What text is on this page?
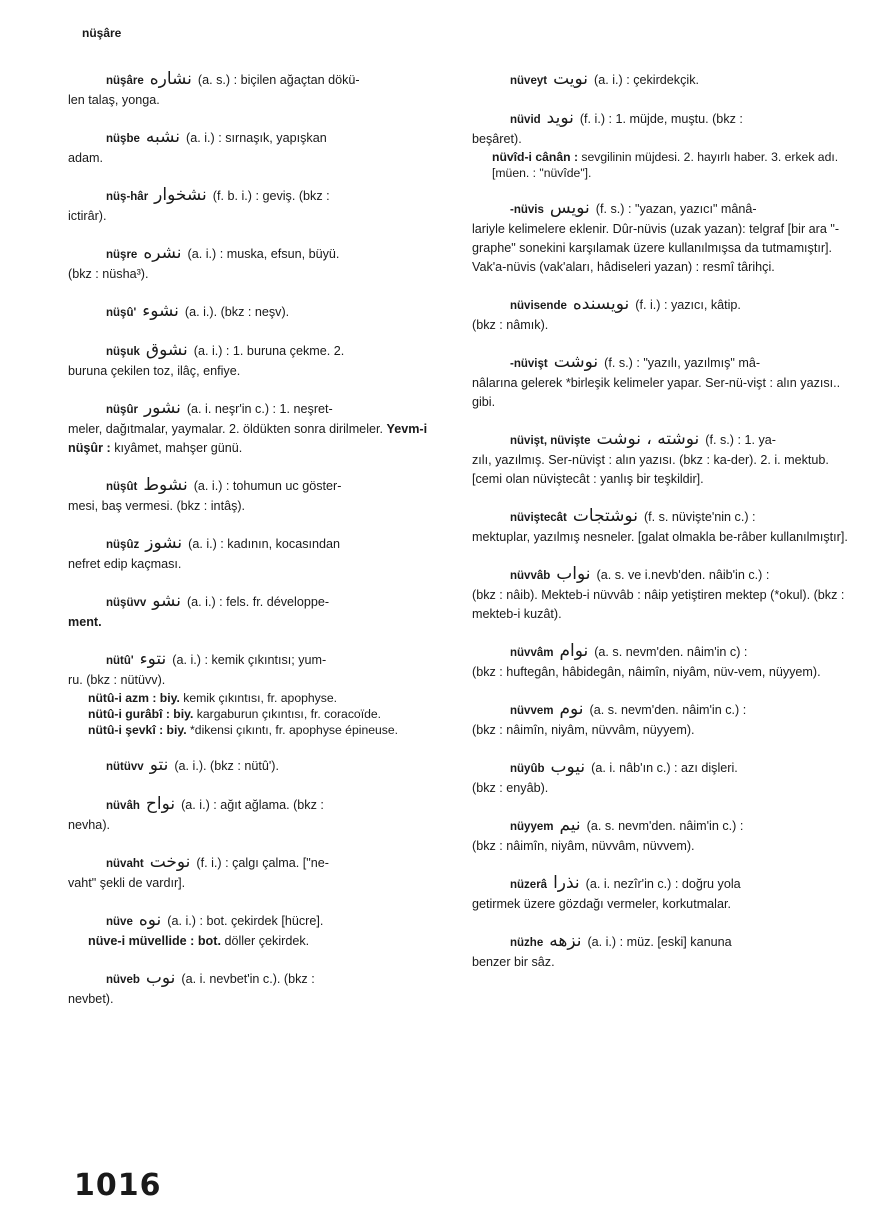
nüşâre

nüşâre نشاره (a. s.) : biçilen ağaçtan dökü-

len talaş, yonga.

nüşbe نشبه (a. i.) : sırnaşık, yapışkan

adam.

nüş-hâr نشخوار (f. b. i.) : geviş. (bkz :

ictirâr).

nüşre نشره (a. i.) : muska, efsun, büyü.

(bkz : nüsha³).

nüşû' نشوء (a. i.). (bkz : neşv).

nüşuk نشوق (a. i.) : 1. buruna çekme. 2.

buruna çekilen toz, ilâç, enfiye.

nüşûr نشور (a. i. neşr'in c.) : 1. neşret-

meler, dağıtmalar, yaymalar. 2. öldükten sonra dirilmeler. Yevm-i nüşûr : kıyâmet, mahşer günü.

nüşût نشوط (a. i.) : tohumun uc göster-

mesi, baş vermesi. (bkz : intâş).

nüşûz نشوز (a. i.) : kadının, kocasından

nefret edip kaçması.

nüşüvv نشو (a. i.) : fels. fr. développe-

ment.

nütû' نتوء (a. i.) : kemik çıkıntısı; yum-

ru. (bkz : nütüvv).

nütû-i azm : biy. kemik çıkıntısı, fr. apophyse.

nütû-i gurâbî : biy. kargaburun çıkıntısı, fr. coracoïde.

nütû-i şevkî : biy. *dikensi çıkıntı, fr. apophyse épineuse.

nütüvv نتو (a. i.). (bkz : nütû').

nüvâh نواح (a. i.) : ağıt ağlama. (bkz :

nevha).

nüvaht نوخت (f. i.) : çalgı çalma. ["ne-

vaht" şekli de vardır].

nüve نوه (a. i.) : bot. çekirdek [hücre].

nüve-i müvellide : bot. döller çekirdek.

nüveb نوب (a. i. nevbet'in c.). (bkz :

nevbet).

nüveyt نويت (a. i.) : çekirdekçik.

nüvid نويد (f. i.) : 1. müjde, muştu. (bkz :

beşâret).

nüvîd-i cânân : sevgilinin müjdesi. 2. hayırlı haber. 3. erkek adı. [müen. : "nüvîde"].

-nüvis نويس (f. s.) : "yazan, yazıcı" mânâ-

lariyle kelimelere eklenir. Dûr-nüvis (uzak yazan): telgraf [bir ara "-graphe" sonekini karşılamak üzere kullanılmışsa da tutmamıştır]. Vak'a-nüvis (vak'aları, hâdiseleri yazan) : resmî târihçi.

nüvisende نويسنده (f. i.) : yazıcı, kâtip.

(bkz : nâmık).

-nüvişt نوشت (f. s.) : "yazılı, yazılmış" mâ-

nâlarına gelerek *birleşik kelimeler yapar. Ser-nü-vişt : alın yazısı.. gibi.

nüvişt, nüvişte نوشته ، نوشت (f. s.) : 1. ya-

zılı, yazılmış. Ser-nüvişt : alın yazısı. (bkz : ka-der). 2. i. mektub. [cemi olan nüviştecât : yanlış bir teşkildir].

nüviştecât نوشتجات (f. s. nüvişte'nin c.) :

mektuplar, yazılmış nesneler. [galat olmakla be-râber kullanılmıştır].

nüvvâb نواب (a. s. ve i.nevb'den. nâib'in c.) :

(bkz : nâib). Mekteb-i nüvvâb : nâip yetiştiren mektep (*okul). (bkz : mekteb-i kuzât).

nüvvâm نوام (a. s. nevm'den. nâim'in c) :

(bkz : huftegân, hâbidegân, nâimîn, niyâm, nüv-vem, nüyyem).

nüvvem نوم (a. s. nevm'den. nâim'in c.) :

(bkz : nâimîn, niyâm, nüvvâm, nüyyem).

nüyûb نيوب (a. i. nâb'ın c.) : azı dişleri.

(bkz : enyâb).

nüyyem نيم (a. s. nevm'den. nâim'in c.) :

(bkz : nâimîn, niyâm, nüvvâm, nüvvem).

nüzerâ نذرا (a. i. nezîr'in c.) : doğru yola

getirmek üzere gözdağı vermeler, korkutmalar.

nüzhe نزهه (a. i.) : müz. [eski] kanuna

benzer bir sâz.

1016
